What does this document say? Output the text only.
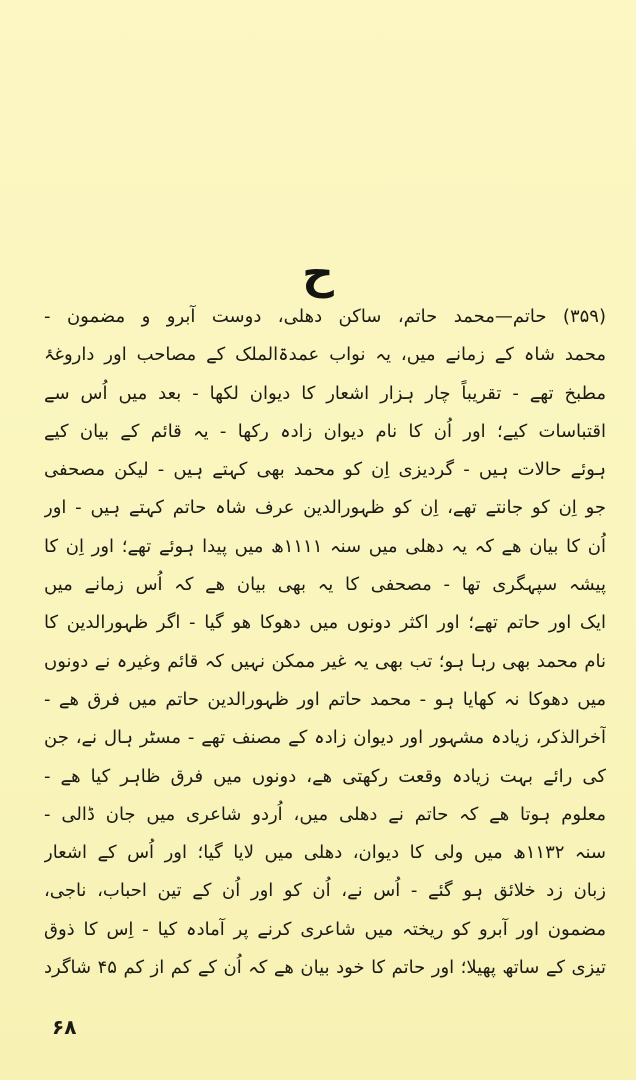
ح
(۳۵۹) حاتم—محمد حاتم، ساکن دھلی، دوست آبرو و مضمون -
محمد شاہ کے زمانے میں، یہ نواب عمدۃالملک کے مصاحب اور داروغۂ
مطبخ تھے - تقریباً چار ہزار اشعار کا دیوان لکھا - بعد میں اُس سے
اقتباسات کیے؛ اور اُن کا نام دیوان زادہ رکھا - یہ قائم کے بیان کیے
ہوئے حالات ہیں - گردیزی اِن کو محمد بھی کہتے ہیں - لیکن مصحفی
جو اِن کو جانتے تھے، اِن کو ظہورالدین عرف شاہ حاتم کہتے ہیں - اور
اُن کا بیان ھے کہ یہ دھلی میں سنہ ۱۱۱۱ھ میں پیدا ہوئے تھے؛ اور اِن کا
پیشہ سپہگری تھا - مصحفی کا یہ بھی بیان ھے کہ اُس زمانے میں
ایک اور حاتم تھے؛ اور اکثر دونوں میں دھوکا ھو گیا - اگر ظہورالدین کا
نام محمد بھی رہا ہو؛ تب بھی یہ غیر ممکن نہیں کہ قائم وغیرہ نے دونوں
میں دھوکا نہ کھایا ہو - محمد حاتم اور ظہورالدین حاتم میں فرق ھے -
آخرالذکر، زیادہ مشہور اور دیوان زادہ کے مصنف تھے - مسٹر ہال نے، جن
کی رائے بہت زیادہ وقعت رکھتی ھے، دونوں میں فرق ظاہر کیا ھے -
معلوم ہوتا ھے کہ حاتم نے دھلی میں، اُردو شاعری میں جان ڈالی -
سنہ ۱۱۳۲ھ میں ولی کا دیوان، دھلی میں لایا گیا؛ اور اُس کے اشعار
زبان زد خلائق ہو گئے - اُس نے، اُن کو اور اُن کے تین احباب، ناجی،
مضمون اور آبرو کو ریختہ میں شاعری کرنے پر آمادہ کیا - اِس کا ذوق
تیزی کے ساتھ پھیلا؛ اور حاتم کا خود بیان ھے کہ اُن کے کم از کم ۴۵ شاگرد
۶۸
